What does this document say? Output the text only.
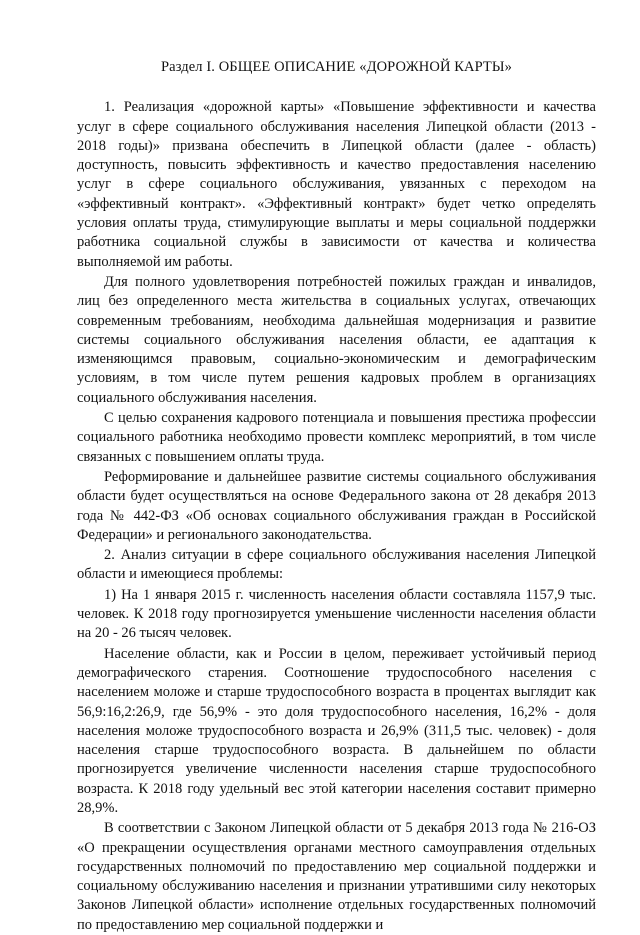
Раздел I. ОБЩЕЕ ОПИСАНИЕ «ДОРОЖНОЙ КАРТЫ»

1. Реализация «дорожной карты» «Повышение эффективности и качества услуг в сфере социального обслуживания населения Липецкой области (2013 - 2018 годы)» призвана обеспечить в Липецкой области (далее - область) доступность, повысить эффективность и качество предоставления населению услуг в сфере социального обслуживания, увязанных с переходом на «эффективный контракт». «Эффективный контракт» будет четко определять условия оплаты труда, стимулирующие выплаты и меры социальной поддержки работника социальной службы в зависимости от качества и количества выполняемой им работы.

Для полного удовлетворения потребностей пожилых граждан и инвалидов, лиц без определенного места жительства в социальных услугах, отвечающих современным требованиям, необходима дальнейшая модернизация и развитие системы социального обслуживания населения области, ее адаптация к изменяющимся правовым, социально-экономическим и демографическим условиям, в том числе путем решения кадровых проблем в организациях социального обслуживания населения.

С целью сохранения кадрового потенциала и повышения престижа профессии социального работника необходимо провести комплекс мероприятий, в том числе связанных с повышением оплаты труда.

Реформирование и дальнейшее развитие системы социального обслуживания области будет осуществляться на основе Федерального закона от 28 декабря 2013 года № 442-ФЗ «Об основах социального обслуживания граждан в Российской Федерации» и регионального законодательства.

2. Анализ ситуации в сфере социального обслуживания населения Липецкой области и имеющиеся проблемы:

1) На 1 января 2015 г. численность населения области составляла 1157,9 тыс. человек. К 2018 году прогнозируется уменьшение численности населения области на 20 - 26 тысяч человек.

Население области, как и России в целом, переживает устойчивый период демографического старения. Соотношение трудоспособного населения с населением моложе и старше трудоспособного возраста в процентах выглядит как 56,9:16,2:26,9, где 56,9% - это доля трудоспособного населения, 16,2% - доля населения моложе трудоспособного возраста и 26,9% (311,5 тыс. человек) - доля населения старше трудоспособного возраста. В дальнейшем по области прогнозируется увеличение численности населения старше трудоспособного возраста. К 2018 году удельный вес этой категории населения составит примерно 28,9%.

В соответствии с Законом Липецкой области от 5 декабря 2013 года № 216-ОЗ «О прекращении осуществления органами местного самоуправления отдельных государственных полномочий по предоставлению мер социальной поддержки и социальному обслуживанию населения и признании утратившими силу некоторых Законов Липецкой области» исполнение отдельных государственных полномочий по предоставлению мер социальной поддержки и
